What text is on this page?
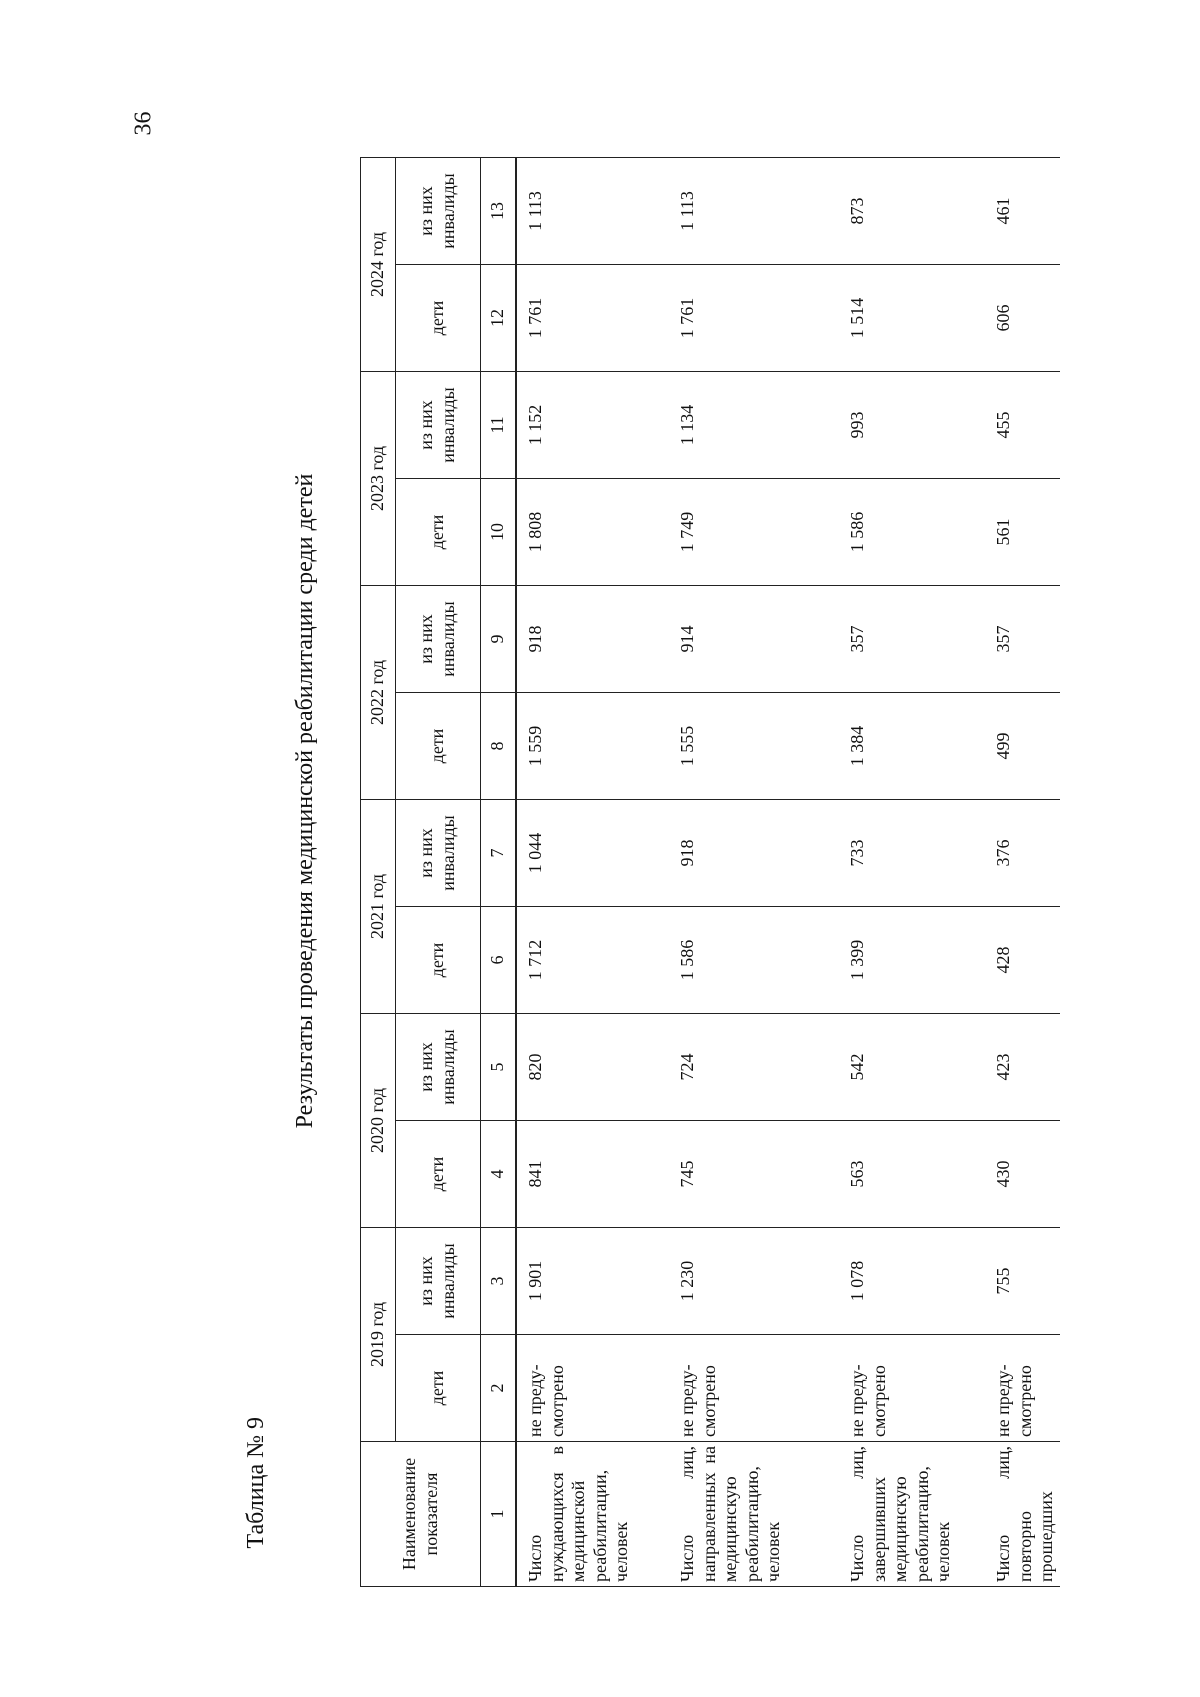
36
Таблица № 9
Результаты проведения медицинской реабилитации среди детей
Наименование показателя	2019 год		2020 год		2021 год		2022 год		2023 год		2024 год	
	дети	из них инвалиды	дети	из них инвалиды	дети	из них инвалиды	дети	из них инвалиды	дети	из них инвалиды	дети	из них инвалиды
1	2	3	4	5	6	7	8	9	10	11	12	13
Число нуждающихся в медицинской реабилитации, человек	не преду-смотрено	1 901	841	820	1 712	1 044	1 559	918	1 808	1 152	1 761	1 113
Число лиц, направленных на медицинскую реабилитацию, человек	не преду-смотрено	1 230	745	724	1 586	918	1 555	914	1 749	1 134	1 761	1 113
Число лиц, завершивших медицинскую реабилитацию, человек	не преду-смотрено	1 078	563	542	1 399	733	1 384	357	1 586	993	1 514	873
Число лиц, повторно прошедших	не преду-смотрено	755	430	423	428	376	499	357	561	455	606	461
